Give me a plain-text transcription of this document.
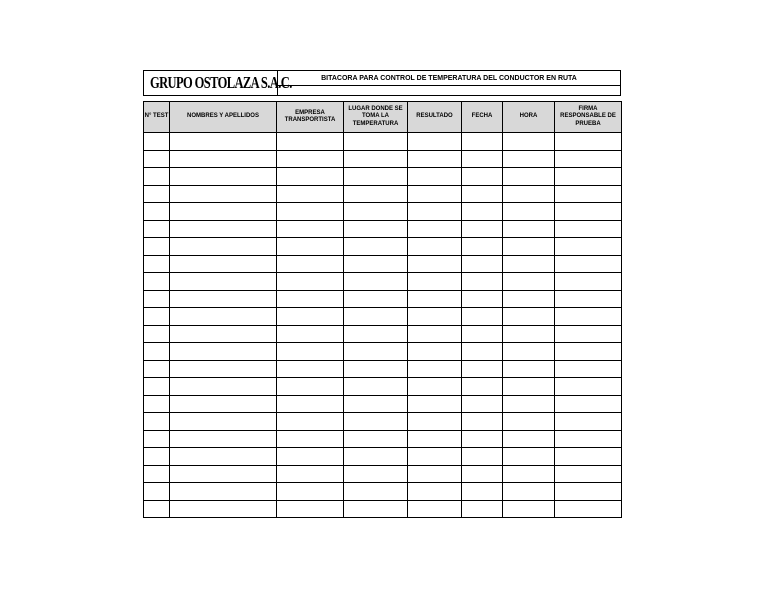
GRUPO OSTOLAZA S.A.C.	BITACORA PARA CONTROL DE TEMPERATURA DEL CONDUCTOR EN RUTA
N° TEST	NOMBRES Y APELLIDOS	EMPRESA TRANSPORTISTA	LUGAR DONDE SE TOMA LA TEMPERATURA	RESULTADO	FECHA	HORA	FIRMA RESPONSABLE DE PRUEBA
